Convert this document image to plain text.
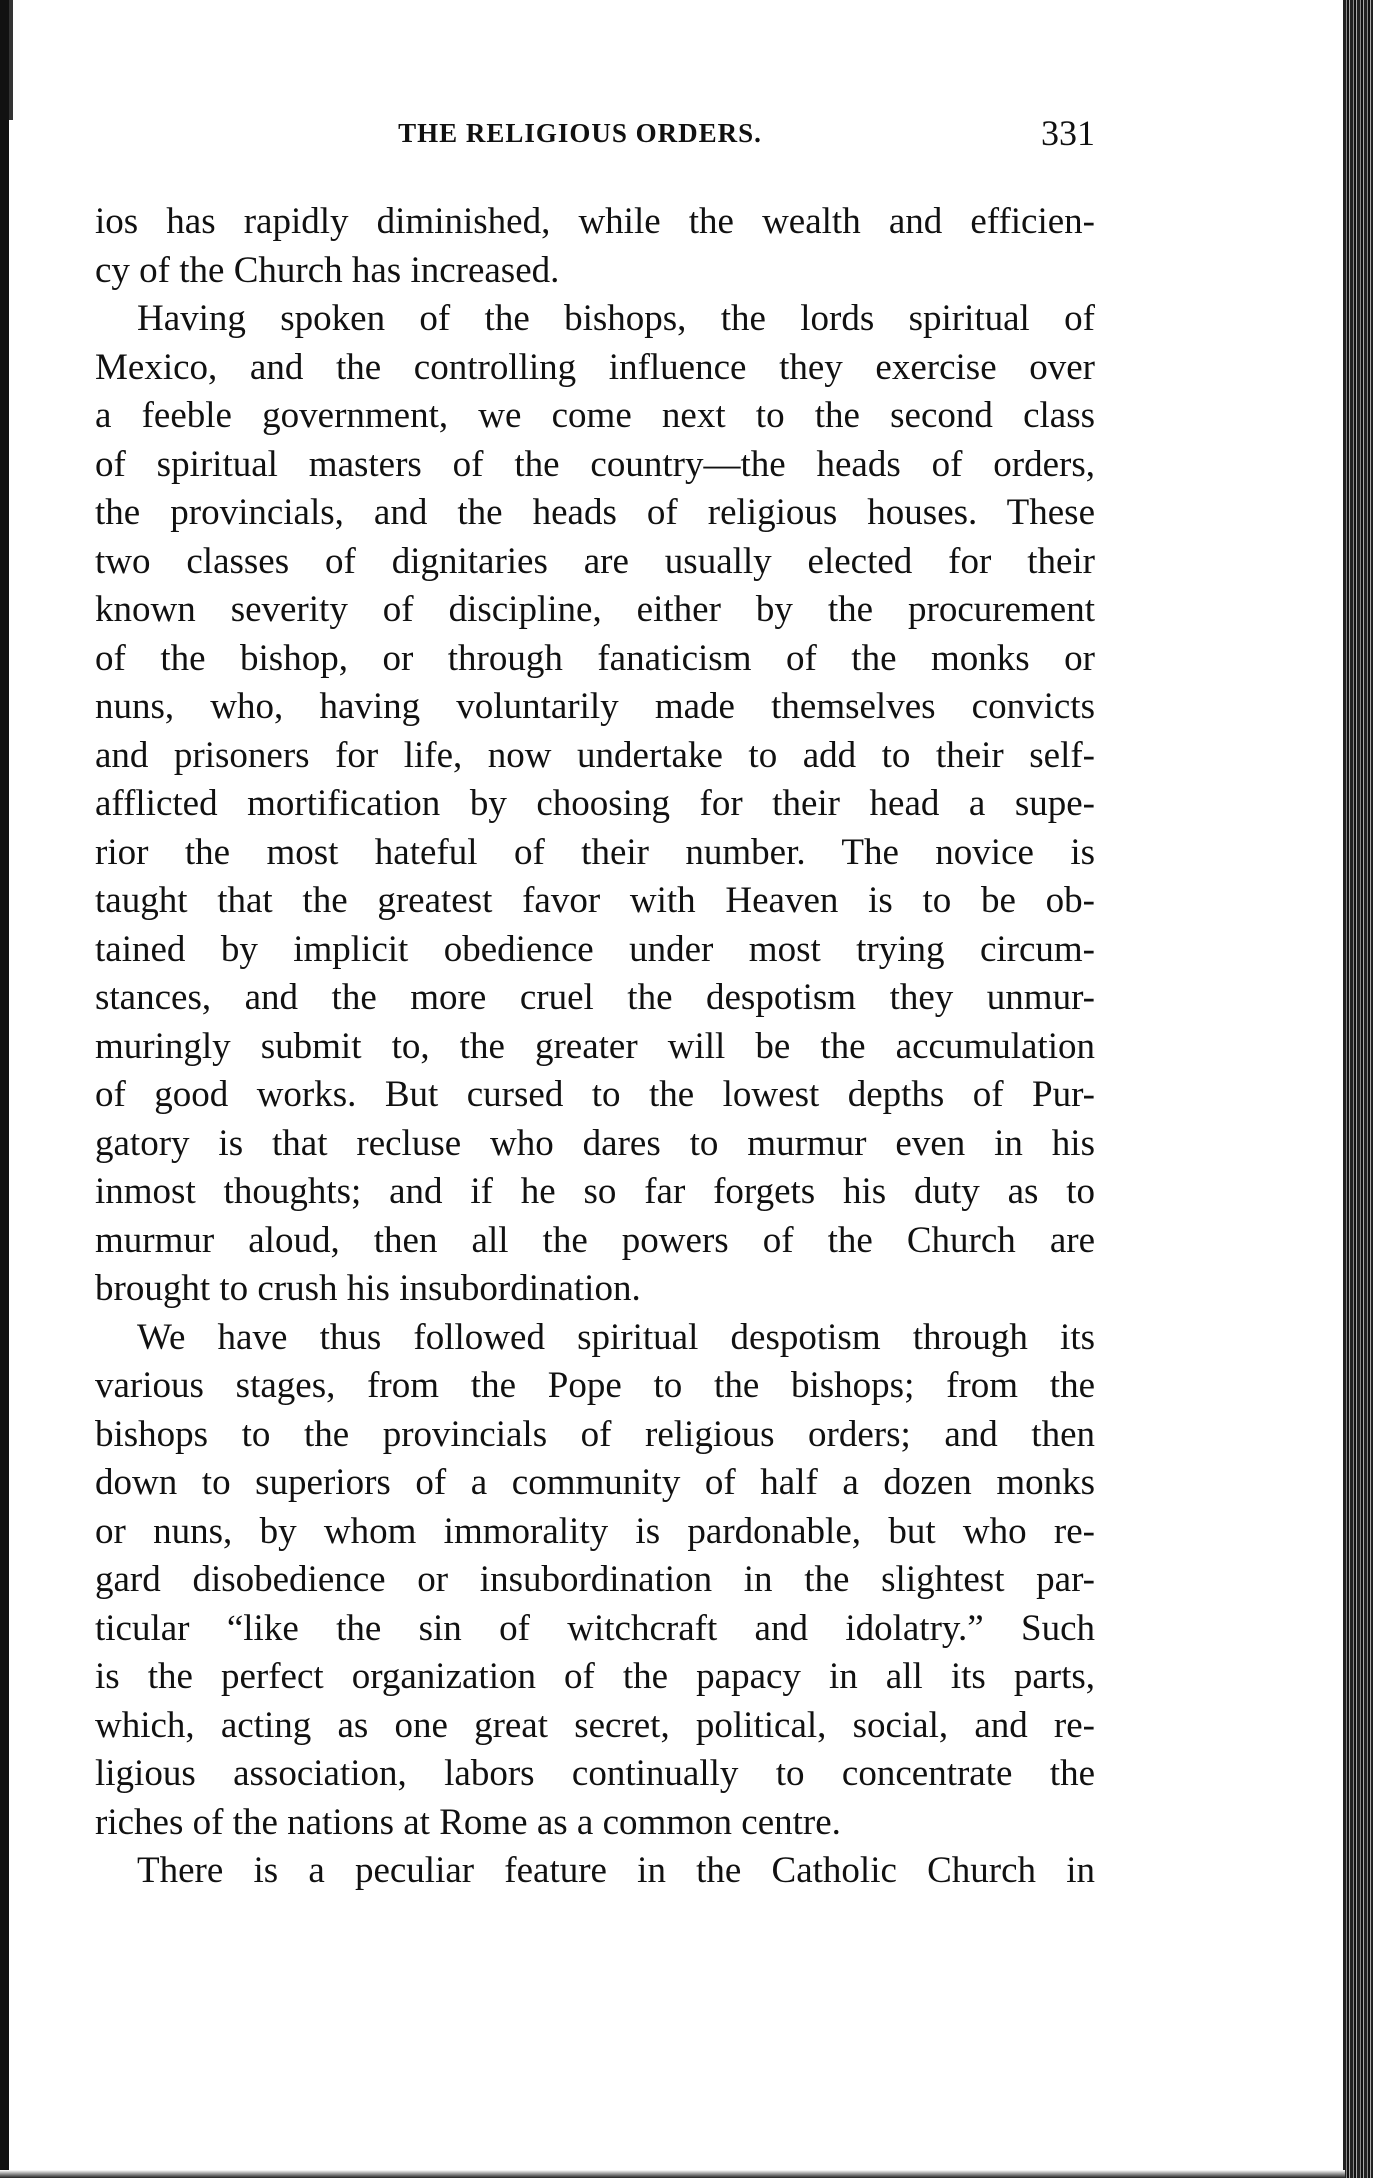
THE RELIGIOUS ORDERS.	331
ios has rapidly diminished, while the wealth and efficien-
cy of the Church has increased.
Having spoken of the bishops, the lords spiritual of
Mexico, and the controlling influence they exercise over
a feeble government, we come next to the second class
of spiritual masters of the country—the heads of orders,
the provincials, and the heads of religious houses. These
two classes of dignitaries are usually elected for their
known severity of discipline, either by the procurement
of the bishop, or through fanaticism of the monks or
nuns, who, having voluntarily made themselves convicts
and prisoners for life, now undertake to add to their self-
afflicted mortification by choosing for their head a supe-
rior the most hateful of their number. The novice is
taught that the greatest favor with Heaven is to be ob-
tained by implicit obedience under most trying circum-
stances, and the more cruel the despotism they unmur-
muringly submit to, the greater will be the accumulation
of good works. But cursed to the lowest depths of Pur-
gatory is that recluse who dares to murmur even in his
inmost thoughts; and if he so far forgets his duty as to
murmur aloud, then all the powers of the Church are
brought to crush his insubordination.
We have thus followed spiritual despotism through its
various stages, from the Pope to the bishops; from the
bishops to the provincials of religious orders; and then
down to superiors of a community of half a dozen monks
or nuns, by whom immorality is pardonable, but who re-
gard disobedience or insubordination in the slightest par-
ticular “like the sin of witchcraft and idolatry.” Such
is the perfect organization of the papacy in all its parts,
which, acting as one great secret, political, social, and re-
ligious association, labors continually to concentrate the
riches of the nations at Rome as a common centre.
There is a peculiar feature in the Catholic Church in
